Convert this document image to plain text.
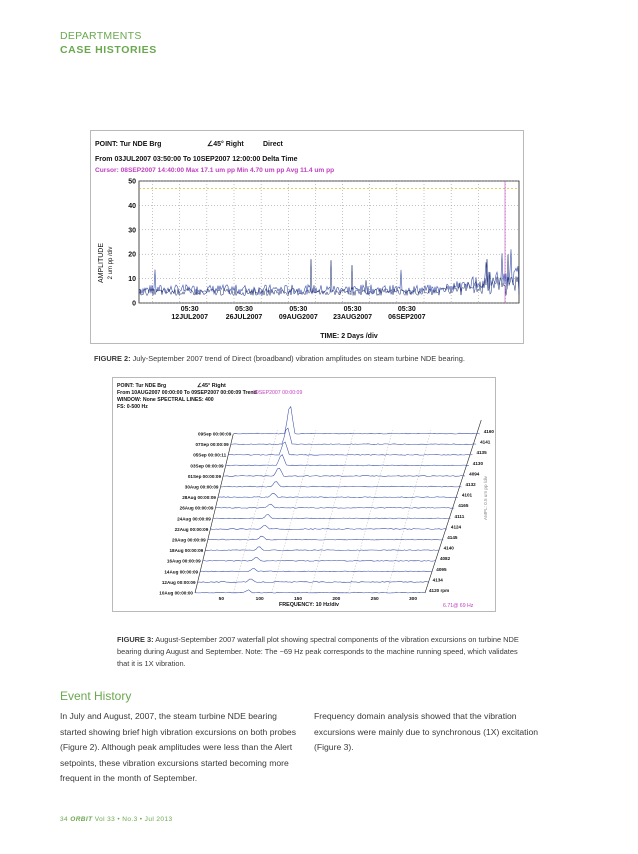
DEPARTMENTS
CASE HISTORIES
POINT: Tur NDE Brg	∠45° Right	Direct
From 03JUL2007 03:50:00 To 10SEP2007 12:00:00 Delta Time
Cursor: 08SEP2007 14:40:00 Max 17.1 um pp Min 4.70 um pp Avg 11.4 um pp
AMPLITUDE 2 um pp /div
50
40
30
20
10
0
05:30
12JUL2007
05:30
26JUL2007
05:30
09AUG2007
05:30
23AUG2007
05:30
06SEP2007
TIME: 2 Days /div
FIGURE 2: July-September 2007 trend of Direct (broadband) vibration amplitudes on steam turbine NDE bearing.
POINT: Tur NDE Brg
From 10AUG2007 00:00:00 To 09SEP2007 00:00:09 Trend
WINDOW: None SPECTRAL LINES: 400
FS: 0-500 Hz
∠45° Right
09SEP2007 00:00:09
09Sep 00:00:09	4160
07Sep 00:00:09	4141
05Sep 00:00:11	4135
03Sep 00:00:09	4130
01Sep 00:00:09	4094
30Aug 00:00:09	4132
28Aug 00:00:09	4101
26Aug 00:00:09	4165
24Aug 00:00:09	4111
22Aug 00:00:09	4124
20Aug 00:00:09	4145
18Aug 00:00:09	4140
16Aug 00:00:09	4082
14Aug 00:00:09	4095
12Aug 00:00:09	4134
10Aug 00:00:00	4120 rpm
50	100	150	200	250	300
FREQUENCY: 10 Hz/div	6.71@ 69 Hz
AMPL: 0.5 um pp /div
FIGURE 3: August-September 2007 waterfall plot showing spectral components of the vibration excursions on turbine NDE bearing during August and September. Note: The ~69 Hz peak corresponds to the machine running speed, which validates that it is 1X vibration.
Event History
In July and August, 2007, the steam turbine NDE bearing started showing brief high vibration excursions on both probes (Figure 2). Although peak amplitudes were less than the Alert setpoints, these vibration excursions started becoming more frequent in the month of September.
Frequency domain analysis showed that the vibration excursions were mainly due to synchronous (1X) excitation (Figure 3).
34 ORBIT Vol 33 • No.3 • Jul 2013
